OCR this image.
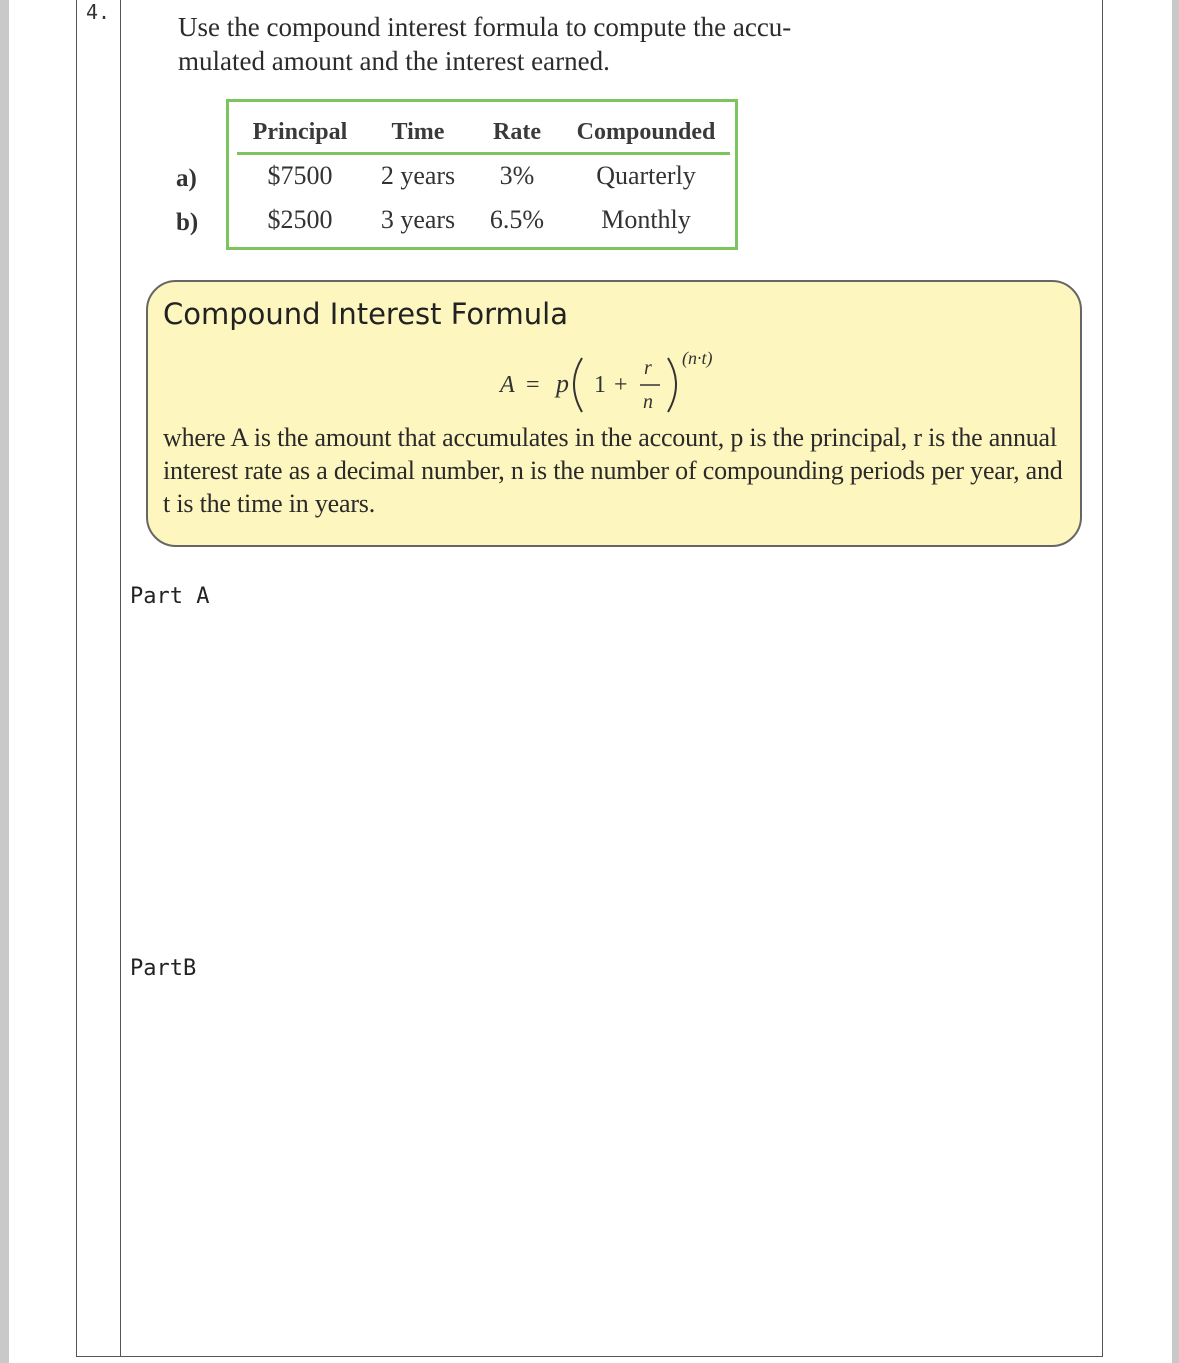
4.	Use the compound interest formula to compute the accu-
mulated amount and the interest earned.
Principal	Time	Rate	Compounded
a)	$7500	2 years	3%	Quarterly
b)	$2500	3 years	6.5%	Monthly
Compound Interest Formula
A = p 1 +
r
n
(n·t)
where A is the amount that accumulates in the account, p is the principal, r is the annual interest rate as a decimal number, n is the number of compounding periods per year, and t is the time in years.
Part A
PartB
